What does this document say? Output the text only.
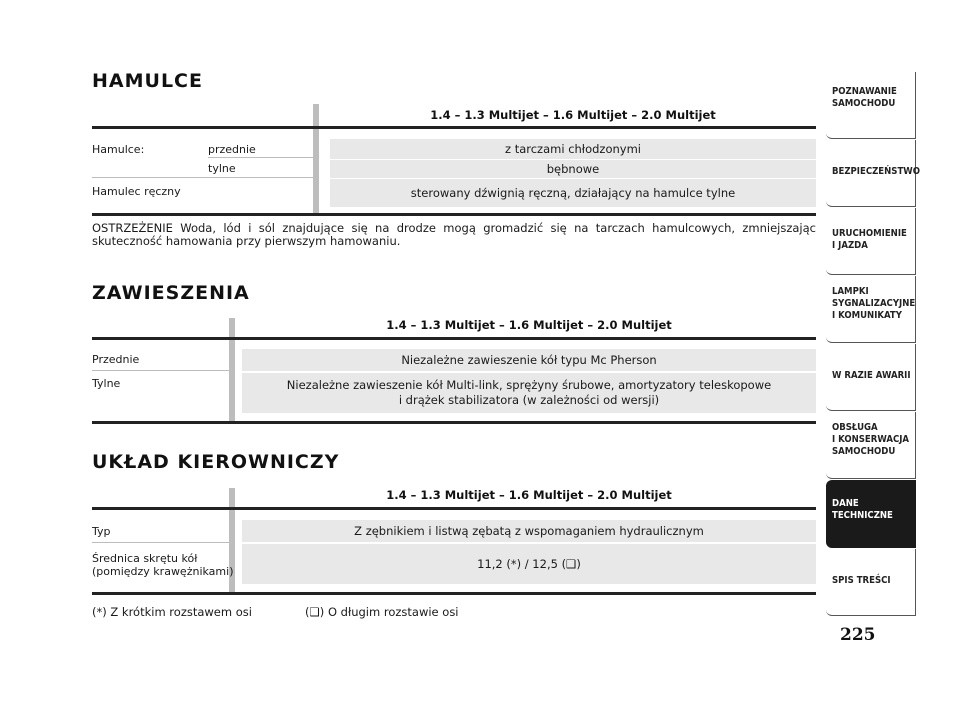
HAMULCE
1.4 – 1.3 Multijet – 1.6 Multijet – 2.0 Multijet
Hamulce:	przednie
tylne
Hamulec ręczny
z tarczami chłodzonymi
bębnowe
sterowany dźwignią ręczną, działający na hamulce tylne
OSTRZEŻENIE Woda, lód i sól znajdujące się na drodze mogą gromadzić się na tarczach hamulcowych, zmniejszając skuteczność hamowania przy pierwszym hamowaniu.
ZAWIESZENIA
1.4 – 1.3 Multijet – 1.6 Multijet – 2.0 Multijet
Przednie
Tylne
Niezależne zawieszenie kół typu Mc Pherson
Niezależne zawieszenie kół Multi-link, sprężyny śrubowe, amortyzatory teleskopowe
i drążek stabilizatora (w zależności od wersji)
UKŁAD KIEROWNICZY
1.4 – 1.3 Multijet – 1.6 Multijet – 2.0 Multijet
Typ
Średnica skrętu kół
(pomiędzy krawężnikami)
Z zębnikiem i listwą zębatą z wspomaganiem hydraulicznym
11,2 (*) / 12,5 (❑)
(*) Z krótkim rozstawem osi	(❑) O długim rozstawie osi
POZNAWANIE
SAMOCHODU
BEZPIECZEŃSTWO
URUCHOMIENIE
I JAZDA
LAMPKI
SYGNALIZACYJNE
I KOMUNIKATY
W RAZIE AWARII
OBSŁUGA
I KONSERWACJA
SAMOCHODU
DANE
TECHNICZNE
SPIS TREŚCI
225
